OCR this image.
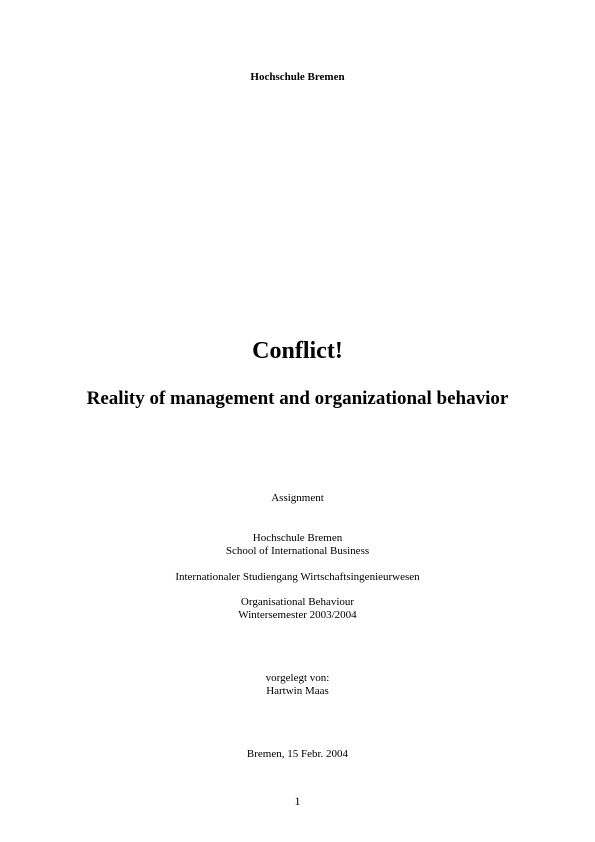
Hochschule Bremen
Conflict!
Reality of management and organizational behavior
Assignment
Hochschule Bremen
School of International Business
Internationaler Studiengang Wirtschaftsingenieurwesen
Organisational Behaviour
Wintersemester 2003/2004
vorgelegt von:
Hartwin Maas
Bremen, 15 Febr. 2004
1
